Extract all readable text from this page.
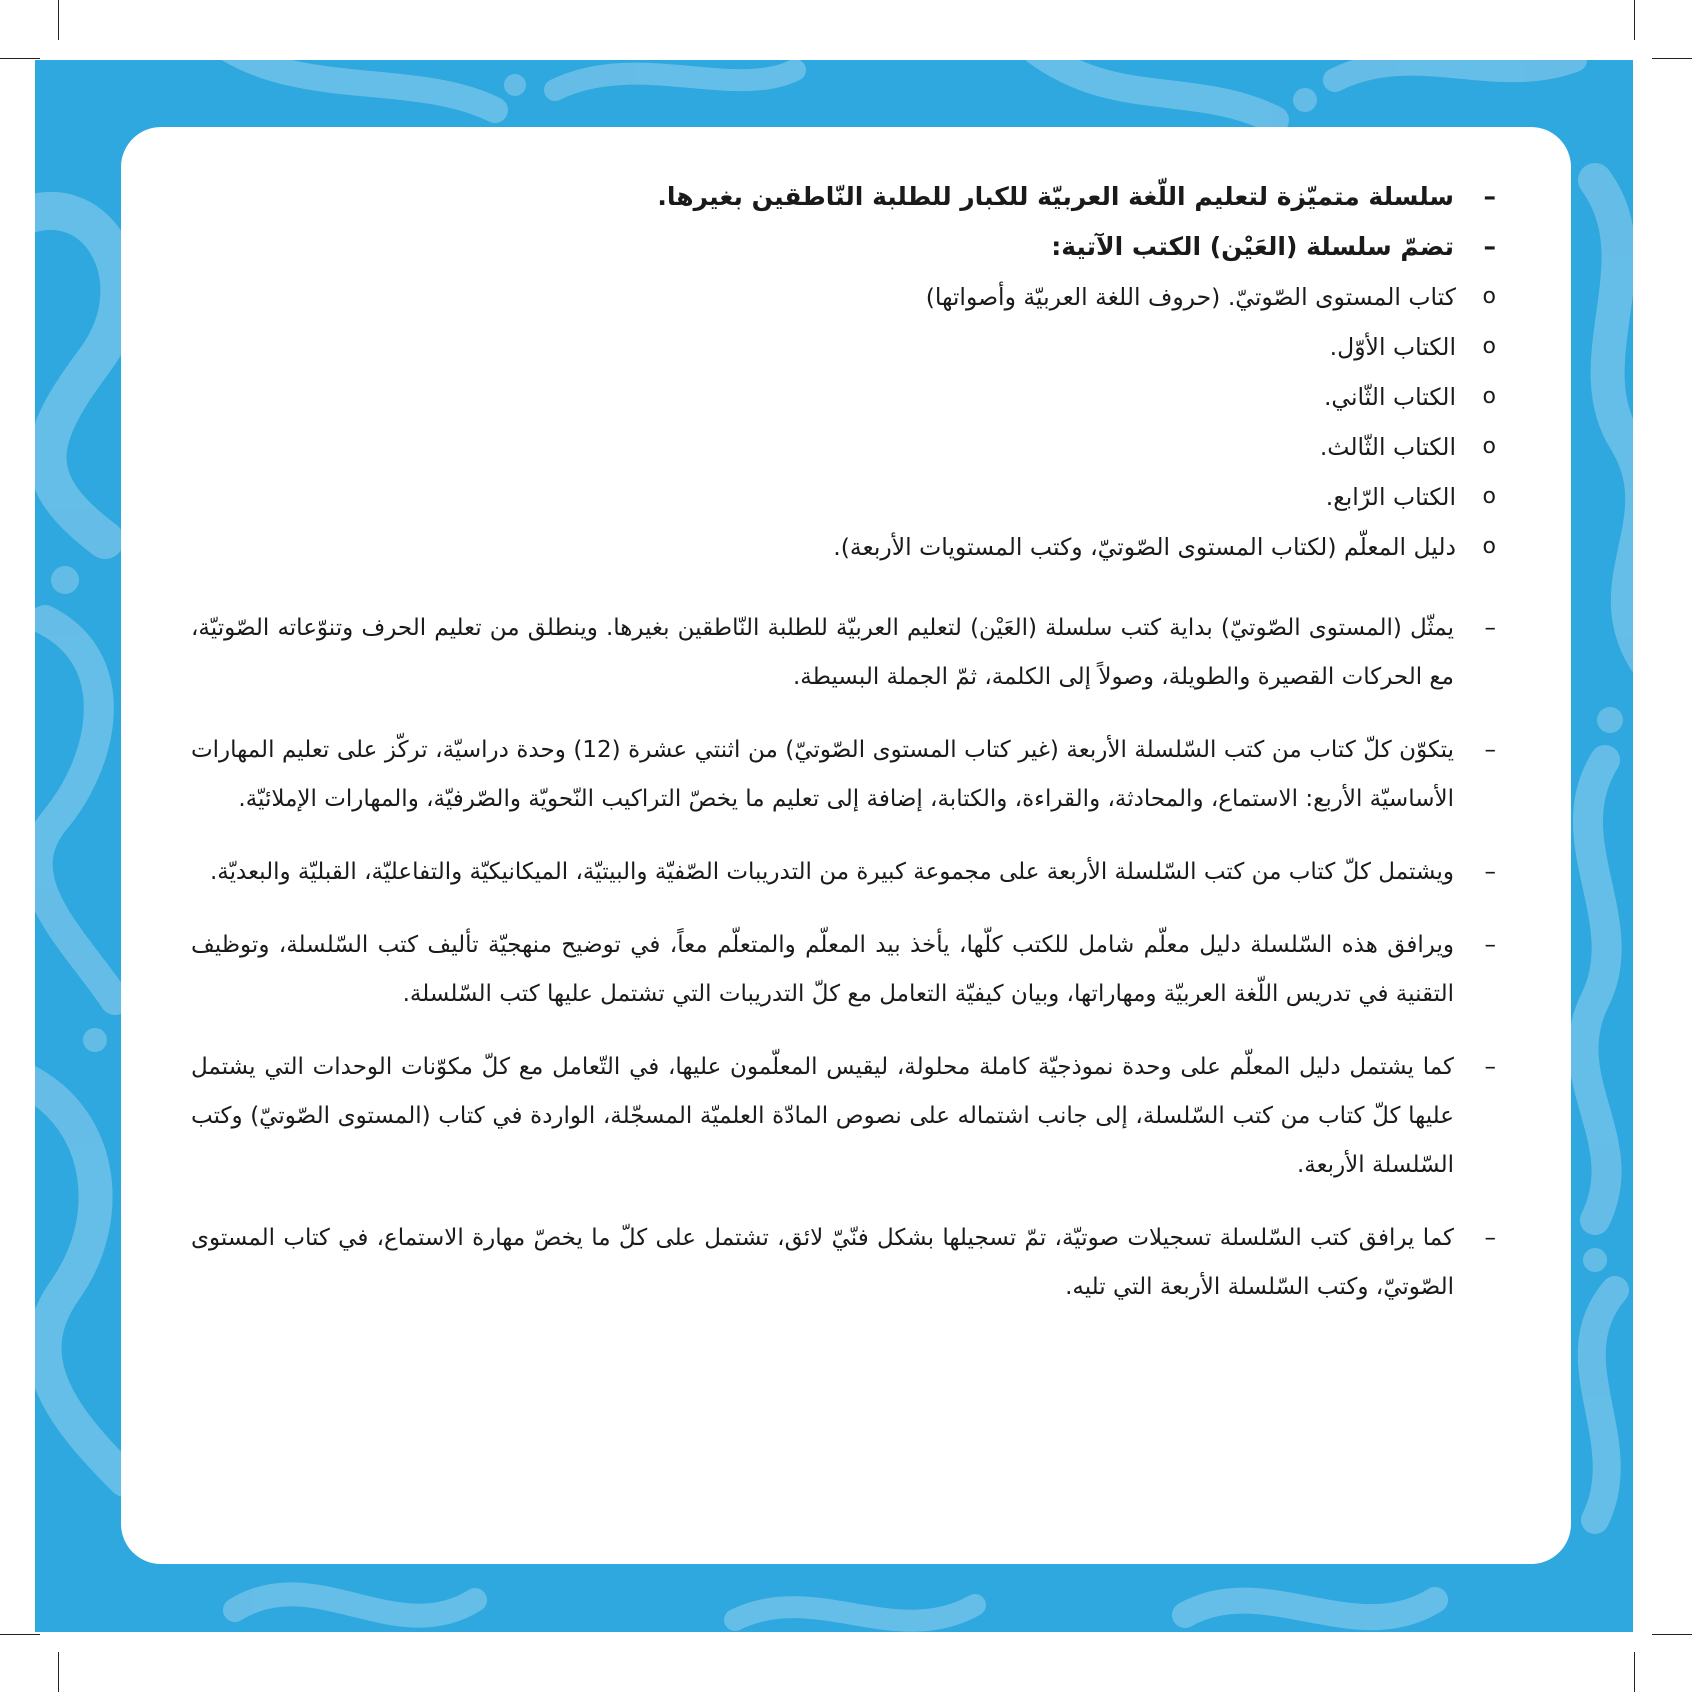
–
سلسلة متميّزة لتعليم اللّغة العربيّة للكبار للطلبة النّاطقين بغيرها.
–
تضمّ سلسلة (العَيْن) الكتب الآتية:
o
كتاب المستوى الصّوتيّ. (حروف اللغة العربيّة وأصواتها)
o
الكتاب الأوّل.
o
الكتاب الثّاني.
o
الكتاب الثّالث.
o
الكتاب الرّابع.
o
دليل المعلّم (لكتاب المستوى الصّوتيّ، وكتب المستويات الأربعة).

–
يمثّل (المستوى الصّوتيّ) بداية كتب سلسلة (العَيْن) لتعليم العربيّة للطلبة النّاطقين بغيرها. وينطلق من تعليم الحرف وتنوّعاته الصّوتيّة، مع الحركات القصيرة والطويلة، وصولاً إلى الكلمة، ثمّ الجملة البسيطة.

–
يتكوّن كلّ كتاب من كتب السّلسلة الأربعة (غير كتاب المستوى الصّوتيّ) من اثنتي عشرة (12) وحدة دراسيّة، تركّز على تعليم المهارات الأساسيّة الأربع: الاستماع، والمحادثة، والقراءة، والكتابة، إضافة إلى تعليم ما يخصّ التراكيب النّحويّة والصّرفيّة، والمهارات الإملائيّة.

–
ويشتمل كلّ كتاب من كتب السّلسلة الأربعة على مجموعة كبيرة من التدريبات الصّفيّة والبيتيّة، الميكانيكيّة والتفاعليّة، القبليّة والبعديّة.

–
ويرافق هذه السّلسلة دليل معلّم شامل للكتب كلّها، يأخذ بيد المعلّم والمتعلّم معاً، في توضيح منهجيّة تأليف كتب السّلسلة، وتوظيف التقنية في تدريس اللّغة العربيّة ومهاراتها، وبيان كيفيّة التعامل مع كلّ التدريبات التي تشتمل عليها كتب السّلسلة.

–
كما يشتمل دليل المعلّم على وحدة نموذجيّة كاملة محلولة، ليقيس المعلّمون عليها، في التّعامل مع كلّ مكوّنات الوحدات التي يشتمل عليها كلّ كتاب من كتب السّلسلة، إلى جانب اشتماله على نصوص المادّة العلميّة المسجّلة، الواردة في كتاب (المستوى الصّوتيّ) وكتب السّلسلة الأربعة.

–
كما يرافق كتب السّلسلة تسجيلات صوتيّة، تمّ تسجيلها بشكل فنّيّ لائق، تشتمل على كلّ ما يخصّ مهارة الاستماع، في كتاب المستوى الصّوتيّ، وكتب السّلسلة الأربعة التي تليه.
